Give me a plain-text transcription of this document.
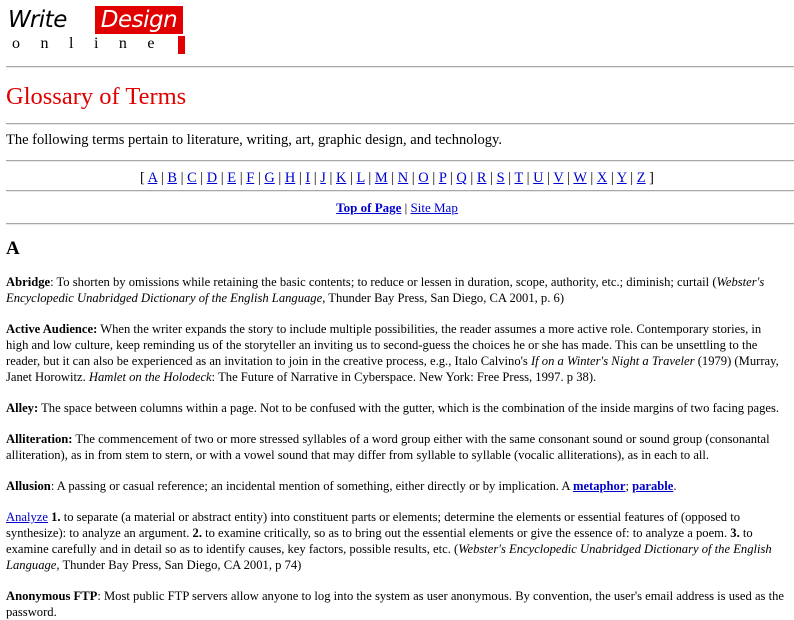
Write Design
online
Glossary of Terms

The following terms pertain to literature, writing, art, graphic design, and technology.

[ A | B | C | D | E | F | G | H | I | J | K | L | M | N | O | P | Q | R | S | T | U | V | W | X | Y | Z ]
Top of Page | Site Map
A

Abridge: To shorten by omissions while retaining the basic contents; to reduce or lessen in duration, scope, authority, etc.; diminish; curtail (Webster's Encyclopedic Unabridged Dictionary of the English Language, Thunder Bay Press, San Diego, CA 2001, p. 6)

Active Audience: When the writer expands the story to include multiple possibilities, the reader assumes a more active role. Contemporary stories, in high and low culture, keep reminding us of the storyteller an inviting us to second-guess the choices he or she has made. This can be unsettling to the reader, but it can also be experienced as an invitation to join in the creative process, e.g., Italo Calvino's If on a Winter's Night a Traveler (1979) (Murray, Janet Horowitz. Hamlet on the Holodeck: The Future of Narrative in Cyberspace. New York: Free Press, 1997. p 38).

Alley: The space between columns within a page. Not to be confused with the gutter, which is the combination of the inside margins of two facing pages.

Alliteration: The commencement of two or more stressed syllables of a word group either with the same consonant sound or sound group (consonantal alliteration), as in from stem to stern, or with a vowel sound that may differ from syllable to syllable (vocalic alliterations), as in each to all.

Allusion: A passing or casual reference; an incidental mention of something, either directly or by implication. A metaphor; parable.

Analyze 1. to separate (a material or abstract entity) into constituent parts or elements; determine the elements or essential features of (opposed to synthesize): to analyze an argument. 2. to examine critically, so as to bring out the essential elements or give the essence of: to analyze a poem. 3. to examine carefully and in detail so as to identify causes, key factors, possible results, etc. (Webster's Encyclopedic Unabridged Dictionary of the English Language, Thunder Bay Press, San Diego, CA 2001, p 74)

Anonymous FTP: Most public FTP servers allow anyone to log into the system as user anonymous. By convention, the user's email address is used as the password.
